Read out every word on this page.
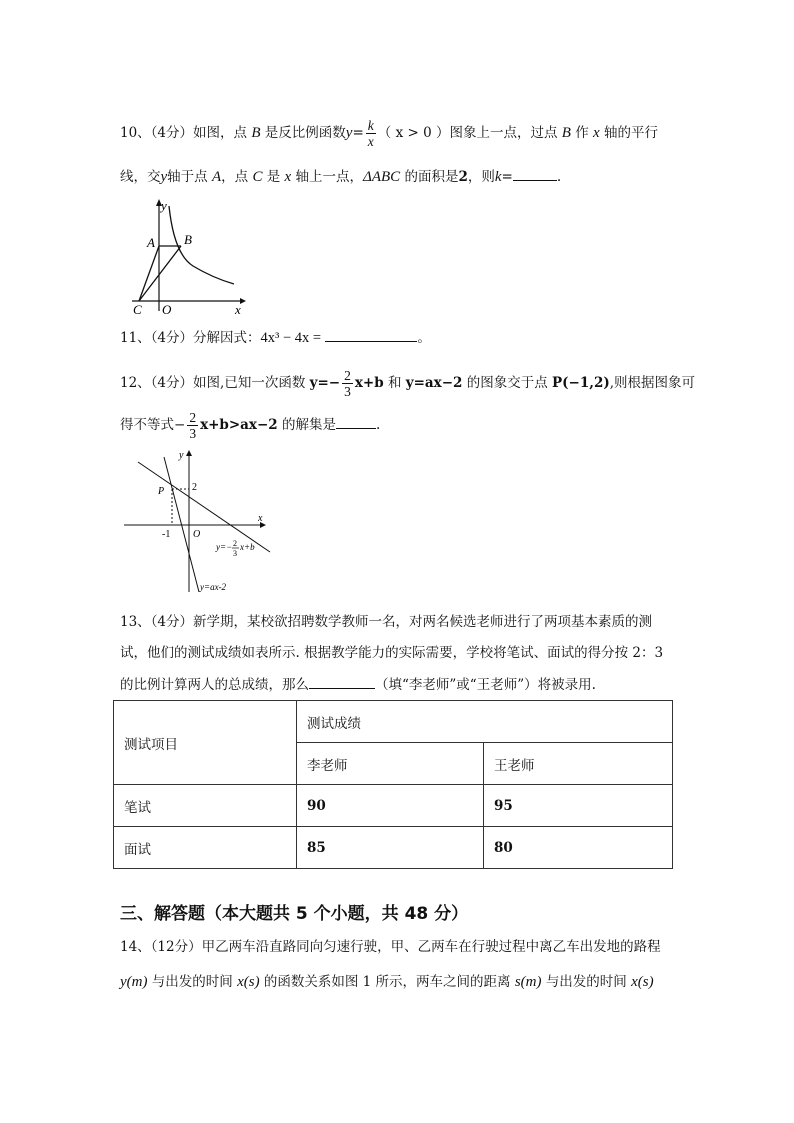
10、（4分）如图，点 B 是反比例函数$y= \frac{k}{x}$ （ x > 0 ）图象上一点，过点 B 作 x 轴的平行
线，交y轴于点 A，点 C 是 x 轴上一点，ΔABC 的面积是2，则k=	.
y
A B
C O	x
11、（4分）分解因式：4x³ − 4x =	。
12、（4分）如图,已知一次函数 $y=- \frac{2}{3} x+b$ 和 y=ax−2 的图象交于点 P(−1,2),则根据图象可
得不等式− $\frac{2}{3} x+b>ax-2$ 的解集是	.
y
P	2
-1 O
x
y=− 2
3
x+b
y=ax-2
13、（4分）新学期，某校欲招聘数学教师一名，对两名候选老师进行了两项基本素质的测
试，他们的测试成绩如表所示. 根据教学能力的实际需要，学校将笔试、面试的得分按 2：3
的比例计算两人的总成绩，那么	（填“李老师”或“王老师”）将被录用.
测试项目	测试成绩	
	李老师	王老师
笔试	90	95
面试	85	80
三、解答题（本大题共 5 个小题，共 48 分）
14、（12分）甲乙两车沿直路同向匀速行驶，甲、乙两车在行驶过程中离乙车出发地的路程
y(m) 与出发的时间 x(s) 的函数关系如图 1 所示，两车之间的距离 s(m) 与出发的时间 x(s)
